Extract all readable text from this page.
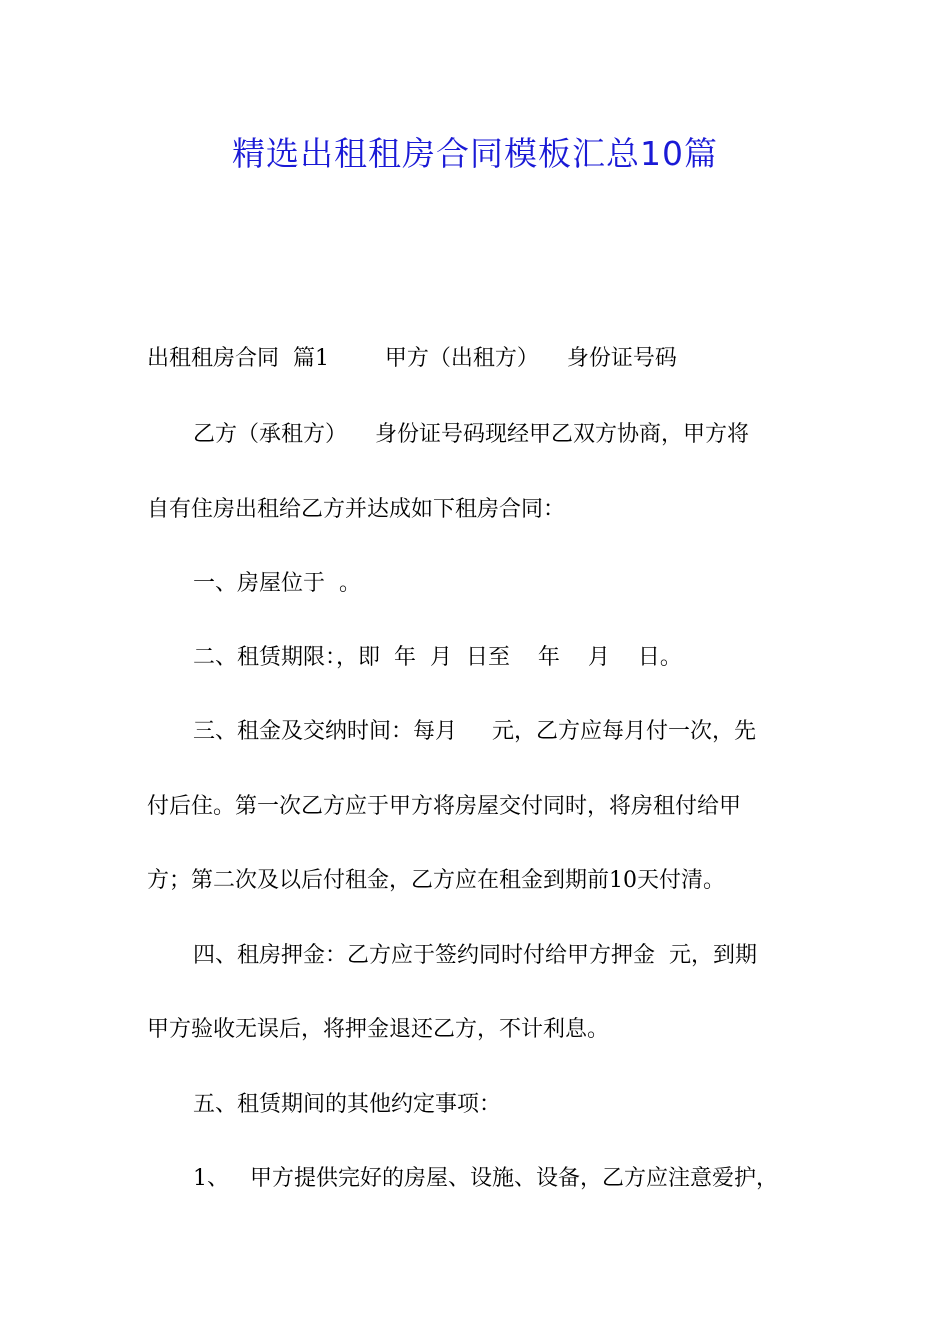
精选出租租房合同模板汇总10篇

出租租房合同  篇1        甲方（出租方）    身份证号码

乙方（承租方）    身份证号码现经甲乙双方协商，甲方将

自有住房出租给乙方并达成如下租房合同：

一、房屋位于  。

二、租赁期限：，即  年  月  日至    年    月    日。

三、租金及交纳时间：每月     元，乙方应每月付一次，先

付后住。第一次乙方应于甲方将房屋交付同时，将房租付给甲

方；第二次及以后付租金，乙方应在租金到期前10天付清。

四、租房押金：乙方应于签约同时付给甲方押金  元，到期

甲方验收无误后，将押金退还乙方，不计利息。

五、租赁期间的其他约定事项：

1、   甲方提供完好的房屋、设施、设备，乙方应注意爱护，
